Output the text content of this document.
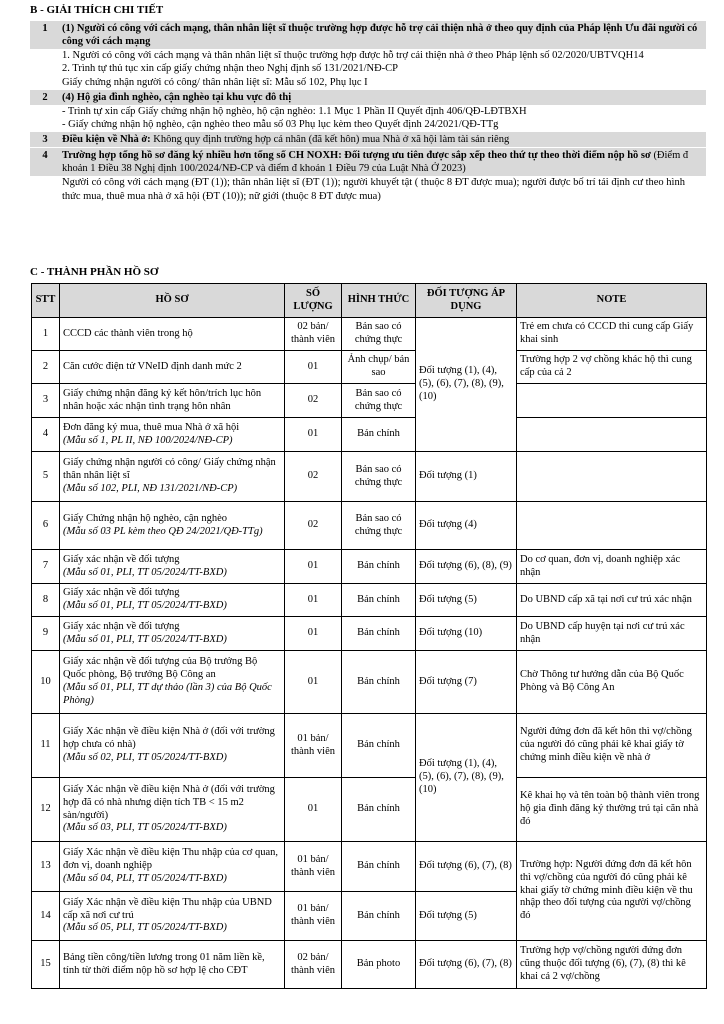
B - GIẢI THÍCH CHI TIẾT
1	(1) Người có công với cách mạng, thân nhân liệt sĩ thuộc trường hợp được hỗ trợ cải thiện nhà ở theo quy định của Pháp lệnh Ưu đãi người có công với cách mạng
1. Người có công với cách mạng và thân nhân liệt sĩ thuộc trường hợp được hỗ trợ cải thiện nhà ở theo Pháp lệnh số 02/2020/UBTVQH14
2. Trình tự thủ tục xin cấp giấy chứng nhận theo Nghị định số 131/2021/NĐ-CP
Giấy chứng nhận người có công/ thân nhân liệt sĩ: Mẫu số 102, Phụ lục I
2	(4) Hộ gia đình nghèo, cận nghèo tại khu vực đô thị
- Trình tự xin cấp Giấy chứng nhận hộ nghèo, hộ cận nghèo: 1.1 Mục 1 Phần II Quyết định 406/QĐ-LĐTBXH
- Giấy chứng nhận hộ nghèo, cận nghèo theo mẫu số 03 Phụ lục kèm theo Quyết định 24/2021/QĐ-TTg
3	Điều kiện về Nhà ở: Không quy định trường hợp cá nhân (đã kết hôn) mua Nhà ở xã hội làm tài sản riêng
4	Trường hợp tổng hồ sơ đăng ký nhiều hơn tổng số CH NOXH: Đối tượng ưu tiên được sắp xếp theo thứ tự theo thời điểm nộp hồ sơ (Điểm đ khoản 1 Điều 38 Nghị định 100/2024/NĐ-CP và điểm đ khoản 1 Điều 79 của Luật Nhà Ở 2023)
Người có công với cách mạng (ĐT (1)); thân nhân liệt sĩ (ĐT (1)); người khuyết tật ( thuộc 8 ĐT được mua); người được bố trí tái định cư theo hình thức mua, thuê mua nhà ở xã hội (ĐT (10)); nữ giới (thuộc 8 ĐT được mua)
C - THÀNH PHẦN HỒ SƠ
STT	HỒ SƠ	SỐ LƯỢNG	HÌNH THỨC	ĐỐI TƯỢNG ÁP DỤNG	NOTE
1	CCCD các thành viên trong hộ	02 bản/ thành viên	Bản sao có chứng thực	Đối tượng (1), (4), (5), (6), (7), (8), (9), (10)	Trẻ em chưa có CCCD thì cung cấp Giấy khai sinh
2	Căn cước điện tử VNeID định danh mức 2	01	Ảnh chụp/ bản sao		Trường hợp 2 vợ chồng khác hộ thì cung cấp của cả 2
3	Giấy chứng nhận đăng ký kết hôn/trích lục hôn nhân hoặc xác nhận tình trạng hôn nhân	02	Bản sao có chứng thực		
4	Đơn đăng ký mua, thuê mua Nhà ở xã hội
(Mẫu số 1, PL II, NĐ 100/2024/NĐ-CP)	01	Bản chính		
5	Giấy chứng nhận người có công/ Giấy chứng nhận thân nhân liệt sĩ
(Mẫu số 102, PLI, NĐ 131/2021/NĐ-CP)	02	Bản sao có chứng thực	Đối tượng (1)	
6	Giấy Chứng nhận hộ nghèo, cận nghèo
(Mẫu số 03 PL kèm theo QĐ 24/2021/QĐ-TTg)	02	Bản sao có chứng thực	Đối tượng (4)	
7	Giấy xác nhận về đối tượng
(Mẫu số 01, PLI, TT 05/2024/TT-BXD)	01	Bản chính	Đối tượng (6), (8), (9)	Do cơ quan, đơn vị, doanh nghiệp xác nhận
8	Giấy xác nhận về đối tượng
(Mẫu số 01, PLI, TT 05/2024/TT-BXD)	01	Bản chính	Đối tượng (5)	Do UBND cấp xã tại nơi cư trú xác nhận
9	Giấy xác nhận về đối tượng
(Mẫu số 01, PLI, TT 05/2024/TT-BXD)	01	Bản chính	Đối tượng (10)	Do UBND cấp huyện tại nơi cư trú xác nhận
10	Giấy xác nhận về đối tượng của Bộ trưởng Bộ Quốc phòng, Bộ trưởng Bộ Công an
(Mẫu số 01, PLI, TT dự thảo (lần 3) của Bộ Quốc Phòng)	01	Bản chính	Đối tượng (7)	Chờ Thông tư hướng dẫn của Bộ Quốc Phòng và Bộ Công An
11	Giấy Xác nhận về điều kiện Nhà ở (đối với trường hợp chưa có nhà)
(Mẫu số 02, PLI, TT 05/2024/TT-BXD)	01 bản/ thành viên	Bản chính	Đối tượng (1), (4), (5), (6), (7), (8), (9), (10)	Người đứng đơn đã kết hôn thì vợ/chồng của người đó cũng phải kê khai giấy tờ chứng minh điều kiện về nhà ở
12	Giấy Xác nhận về điều kiện Nhà ở (đối với trường hợp đã có nhà nhưng diện tích TB < 15 m2 sàn/người)
(Mẫu số 03, PLI, TT 05/2024/TT-BXD)	01	Bản chính		Kê khai họ và tên toàn bộ thành viên trong hộ gia đình đăng ký thường trú tại căn nhà đó
13	Giấy Xác nhận về điều kiện Thu nhập của cơ quan, đơn vị, doanh nghiệp
(Mẫu số 04, PLI, TT 05/2024/TT-BXD)	01 bản/ thành viên	Bản chính	Đối tượng (6), (7), (8)	Trường hợp: Người đứng đơn đã kết hôn thì vợ/chồng của người đó cũng phải kê khai giấy tờ chứng minh điều kiện về thu nhập theo đối tượng của người vợ/chồng đó
14	Giấy Xác nhận về điều kiện Thu nhập của UBND cấp xã nơi cư trú
(Mẫu số 05, PLI, TT 05/2024/TT-BXD)	01 bản/ thành viên	Bản chính	Đối tượng (5)	
15	Bảng tiền công/tiền lương trong 01 năm liền kề, tính từ thời điểm nộp hồ sơ hợp lệ cho CĐT	02 bản/ thành viên	Bản photo	Đối tượng (6), (7), (8)	Trường hợp vợ/chồng người đứng đơn cũng thuộc đối tượng (6), (7), (8) thì kê khai cả 2 vợ/chồng
